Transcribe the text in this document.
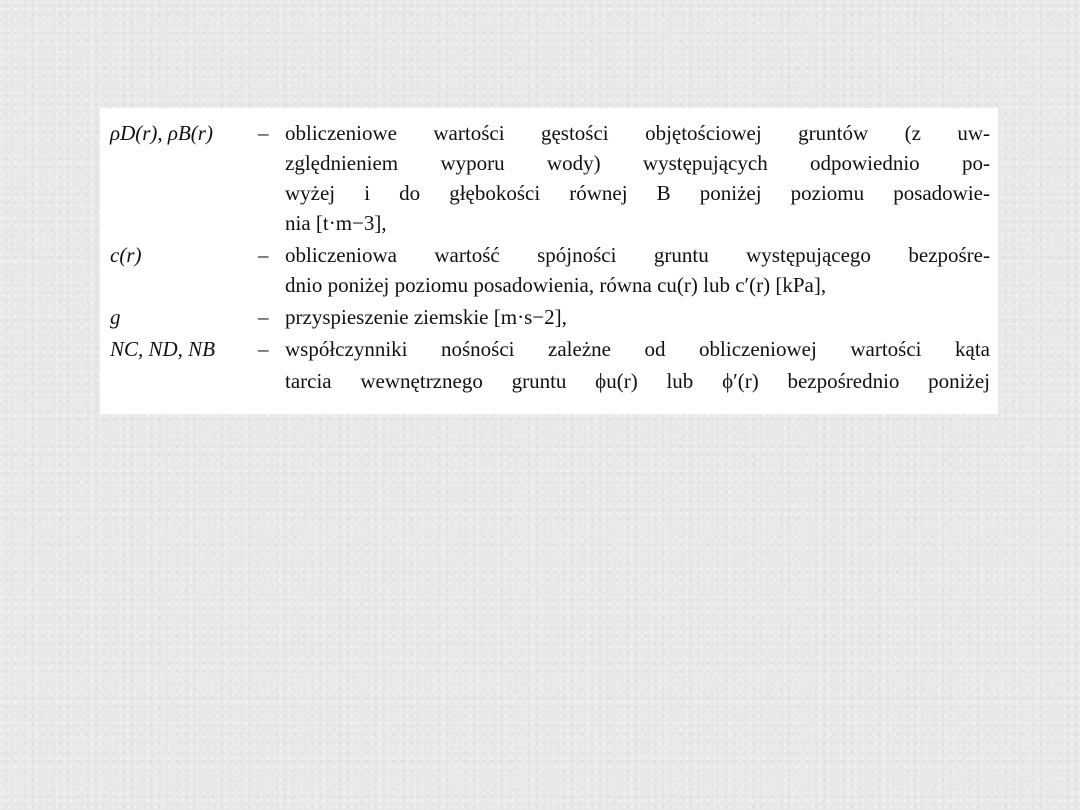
ρD(r), ρB(r)	– obliczeniowe wartości gęstości objętościowej gruntów (z uw-
zględnieniem wyporu wody) występujących odpowiednio po-
wyżej i do głębokości równej B poniżej poziomu posadowie-
nia [t·m−3],
c(r)	– obliczeniowa wartość spójności gruntu występującego bezpośre-
dnio poniżej poziomu posadowienia, równa cu(r) lub c′(r) [kPa],
g	– przyspieszenie ziemskie [m·s−2],
NC, ND, NB	– współczynniki nośności zależne od obliczeniowej wartości kąta
tarcia wewnętrznego gruntu ϕu(r) lub ϕ′(r) bezpośrednio poniżej
